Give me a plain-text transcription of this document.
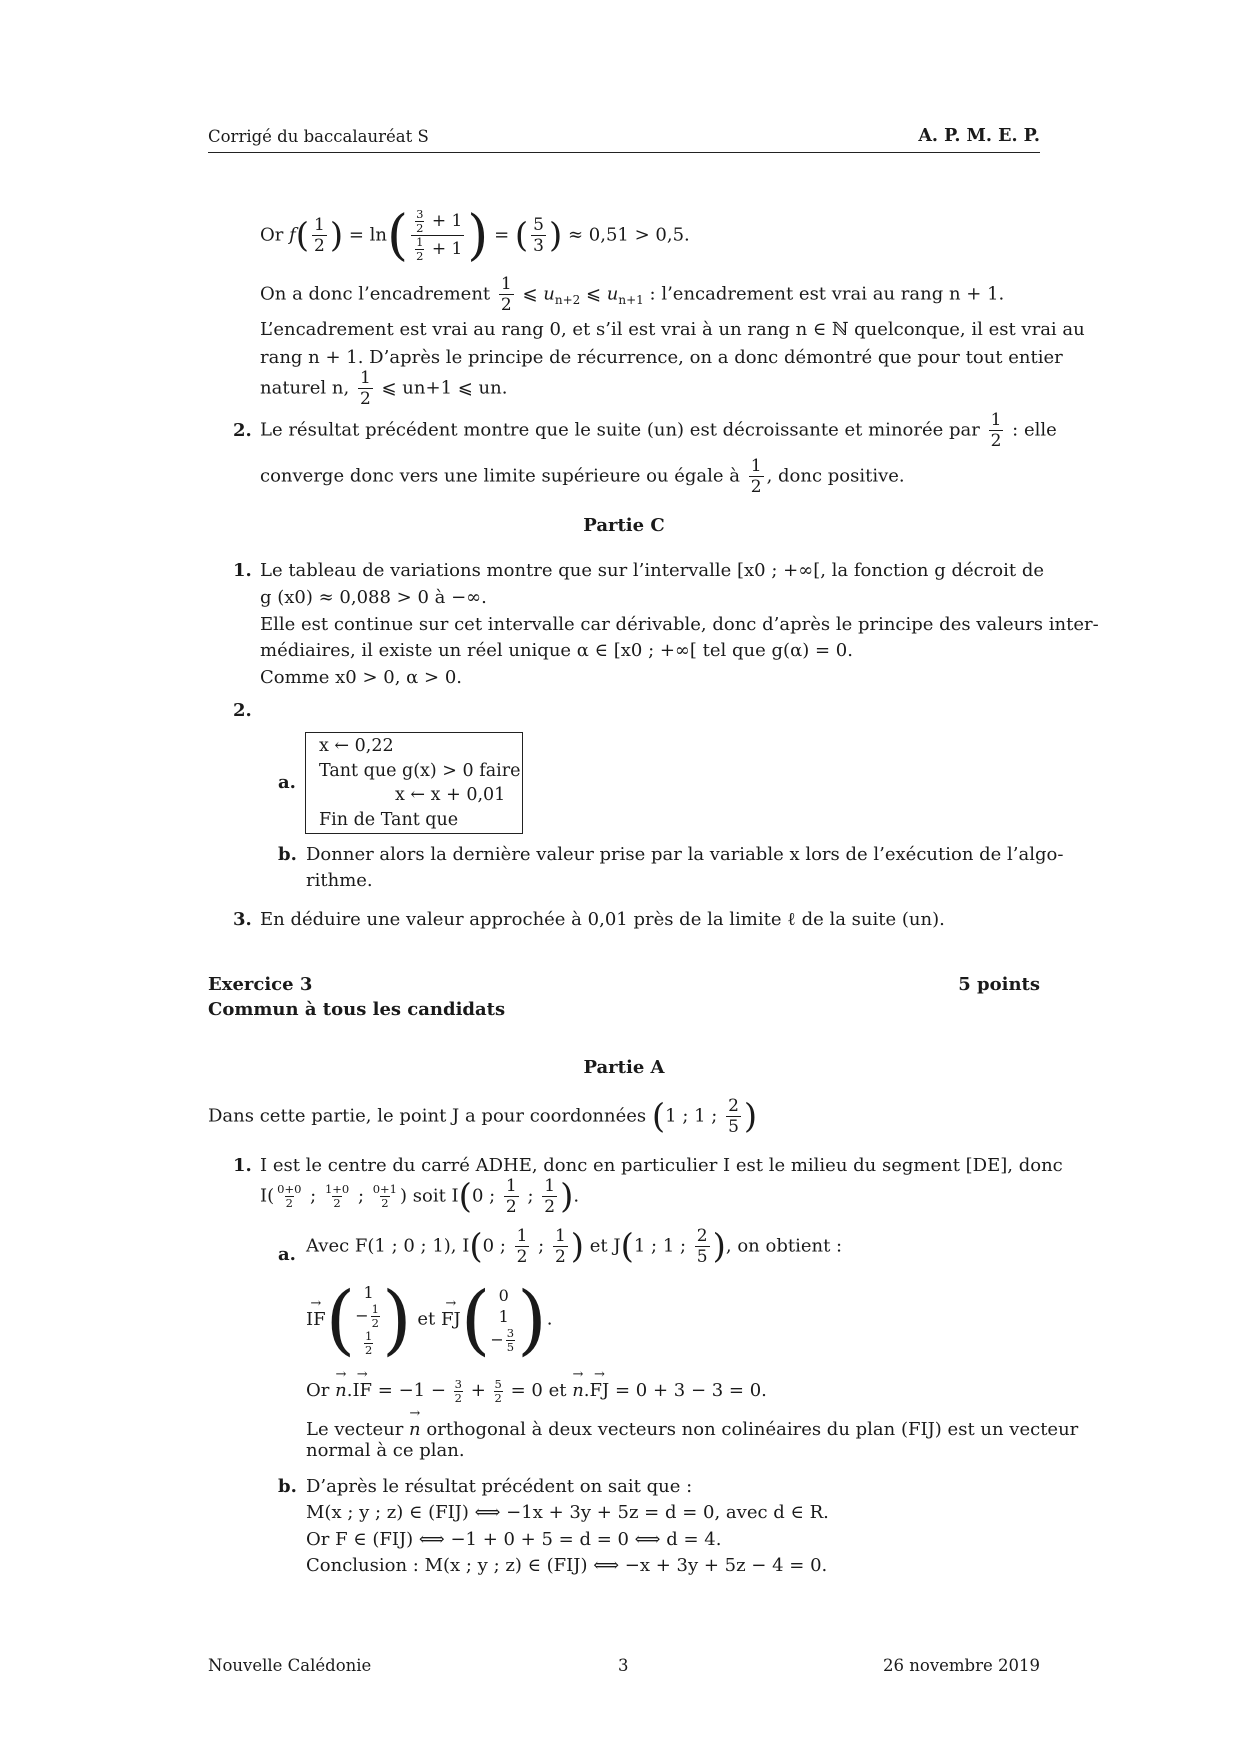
Corrigé du baccalauréat S	A. P. M. E. P.
Or $f( \frac{1}{2}$ ) = $\ln( \frac{\frac{3}{2} + 1}{\frac{1}{2} + 1}$ ) = ( $\frac{5}{3}$ ) ≈ 0,51 > 0,5.
On a donc l’encadrement $\frac{1}{2}$ ⩽ $u_{n+2}$ ⩽ $u_{n+1}$ : l’encadrement est vrai au rang n + 1.
L’encadrement est vrai au rang 0, et s’il est vrai à un rang n ∈ ℕ quelconque, il est vrai au
rang n + 1. D’après le principe de récurrence, on a donc démontré que pour tout entier
naturel n, $\frac{1}{2}$ ⩽ un+1 ⩽ un.
2. Le résultat précédent montre que le suite (un) est décroissante et minorée par $\frac{1}{2}$ : elle
converge donc vers une limite supérieure ou égale à $\frac{1}{2}$ , donc positive.
Partie C
1. Le tableau de variations montre que sur l’intervalle [x0 ; +∞[, la fonction g décroit de
g (x0) ≈ 0,088 > 0 à −∞.
Elle est continue sur cet intervalle car dérivable, donc d’après le principe des valeurs inter-
médiaires, il existe un réel unique α ∈ [x0 ; +∞[ tel que g(α) = 0.
Comme x0 > 0, α > 0.
2.
a.
x ← 0,22
Tant que g(x) > 0 faire
x ← x + 0,01
Fin de Tant que
b. Donner alors la dernière valeur prise par la variable x lors de l’exécution de l’algo-
rithme.
3. En déduire une valeur approchée à 0,01 près de la limite ℓ de la suite (un).
Exercice 3	5 points
Commun à tous les candidats
Partie A
Dans cette partie, le point J a pour coordonnées (1 ; 1 ; $\frac{2}{5}$ )
1. I est le centre du carré ADHE, donc en particulier I est le milieu du segment [DE], donc
$I( \frac{0+0}{2}$ ; $\frac{1+0}{2}$ ; $\frac{0+1}{2}$ ) soit I(0 ; $\frac{1}{2}$ ; $\frac{1}{2}$ ).
a. Avec F(1 ; 0 ; 1), I(0 ; $\frac{1}{2}$ ; $\frac{1}{2}$ ) et J(1 ; 1 ; $\frac{2}{5}$ ), on obtient :
→ IF( 1
− $\frac{1}{2}$
$\frac{1}{2}$ ) et → FJ( 0
1
− $\frac{3}{5}$ ).
Or → n.→ IF = $-1 - \frac{3}{2} + \frac{5}{2} = 0$ et → n.→ FJ = 0 + 3 − 3 = 0.
Le vecteur → n orthogonal à deux vecteurs non colinéaires du plan (FIJ) est un vecteur
normal à ce plan.
b. D’après le résultat précédent on sait que :
M(x ; y ; z) ∈ (FIJ) ⟺ −1x + 3y + 5z = d = 0, avec d ∈ R.
Or F ∈ (FIJ) ⟺ −1 + 0 + 5 = d = 0 ⟺ d = 4.
Conclusion : M(x ; y ; z) ∈ (FIJ) ⟺ −x + 3y + 5z − 4 = 0.
Nouvelle Calédonie	3	26 novembre 2019
